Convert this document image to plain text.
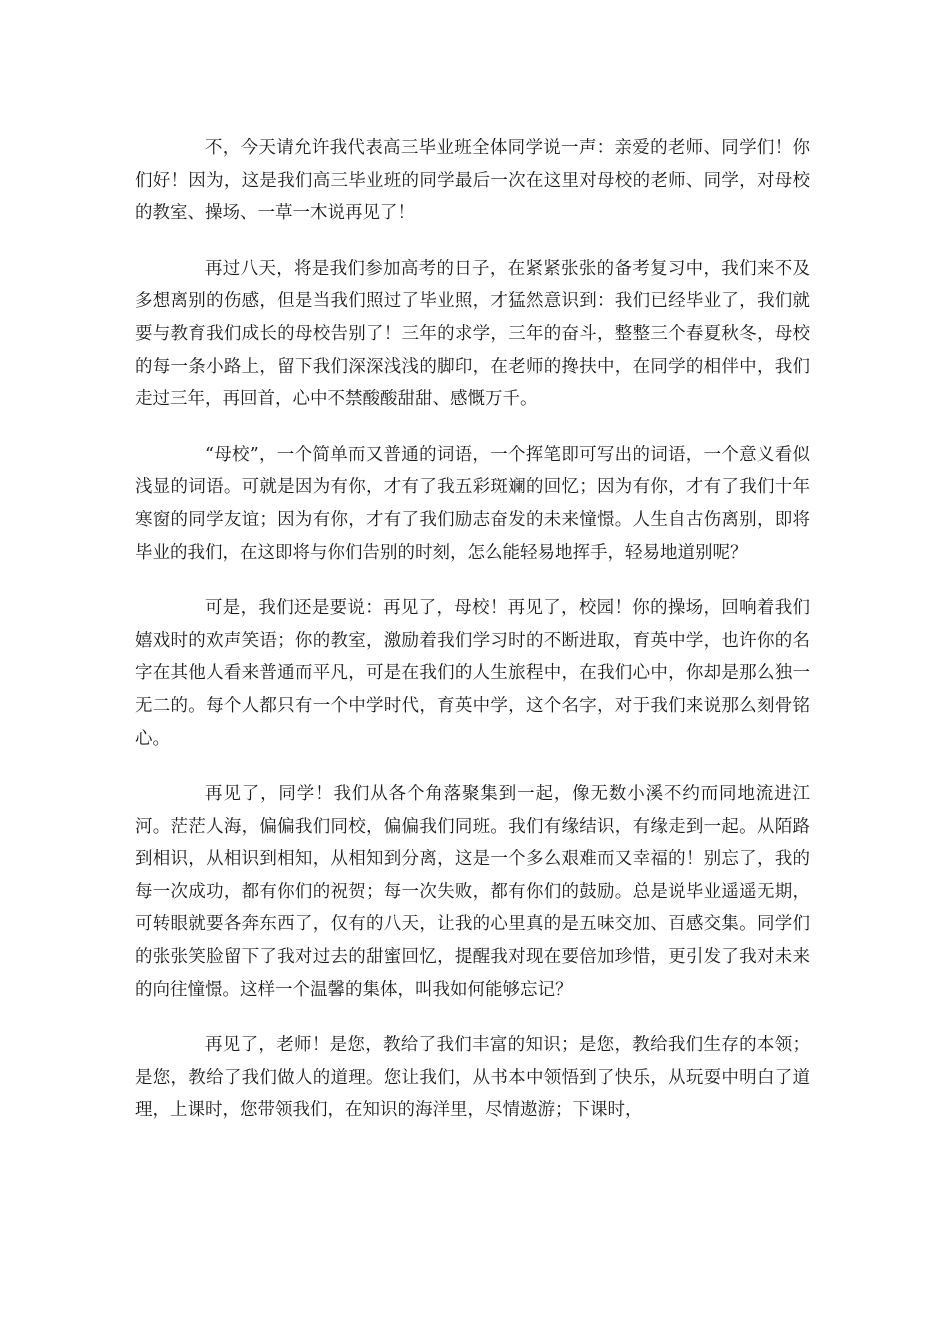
不，今天请允许我代表高三毕业班全体同学说一声：亲爱的老师、同学们！你们好！因为，这是我们高三毕业班的同学最后一次在这里对母校的老师、同学，对母校的教室、操场、一草一木说再见了！

再过八天，将是我们参加高考的日子，在紧紧张张的备考复习中，我们来不及多想离别的伤感，但是当我们照过了毕业照，才猛然意识到：我们已经毕业了，我们就要与教育我们成长的母校告别了！三年的求学，三年的奋斗，整整三个春夏秋冬，母校的每一条小路上，留下我们深深浅浅的脚印，在老师的搀扶中，在同学的相伴中，我们走过三年，再回首，心中不禁酸酸甜甜、感慨万千。

“母校”，一个简单而又普通的词语，一个挥笔即可写出的词语，一个意义看似浅显的词语。可就是因为有你，才有了我五彩斑斓的回忆；因为有你，才有了我们十年寒窗的同学友谊；因为有你，才有了我们励志奋发的未来憧憬。人生自古伤离别，即将毕业的我们，在这即将与你们告别的时刻，怎么能轻易地挥手，轻易地道别呢？

可是，我们还是要说：再见了，母校！再见了，校园！你的操场，回响着我们嬉戏时的欢声笑语；你的教室，激励着我们学习时的不断进取，育英中学，也许你的名字在其他人看来普通而平凡，可是在我们的人生旅程中，在我们心中，你却是那么独一无二的。每个人都只有一个中学时代，育英中学，这个名字，对于我们来说那么刻骨铭心。

再见了，同学！我们从各个角落聚集到一起，像无数小溪不约而同地流进江河。茫茫人海，偏偏我们同校，偏偏我们同班。我们有缘结识，有缘走到一起。从陌路到相识，从相识到相知，从相知到分离，这是一个多么艰难而又幸福的！别忘了，我的每一次成功，都有你们的祝贺；每一次失败，都有你们的鼓励。总是说毕业遥遥无期，可转眼就要各奔东西了，仅有的八天，让我的心里真的是五味交加、百感交集。同学们的张张笑脸留下了我对过去的甜蜜回忆，提醒我对现在要倍加珍惜，更引发了我对未来的向往憧憬。这样一个温馨的集体，叫我如何能够忘记？

再见了，老师！是您，教给了我们丰富的知识；是您，教给我们生存的本领；是您，教给了我们做人的道理。您让我们，从书本中领悟到了快乐，从玩耍中明白了道理，上课时，您带领我们，在知识的海洋里，尽情遨游；下课时，
